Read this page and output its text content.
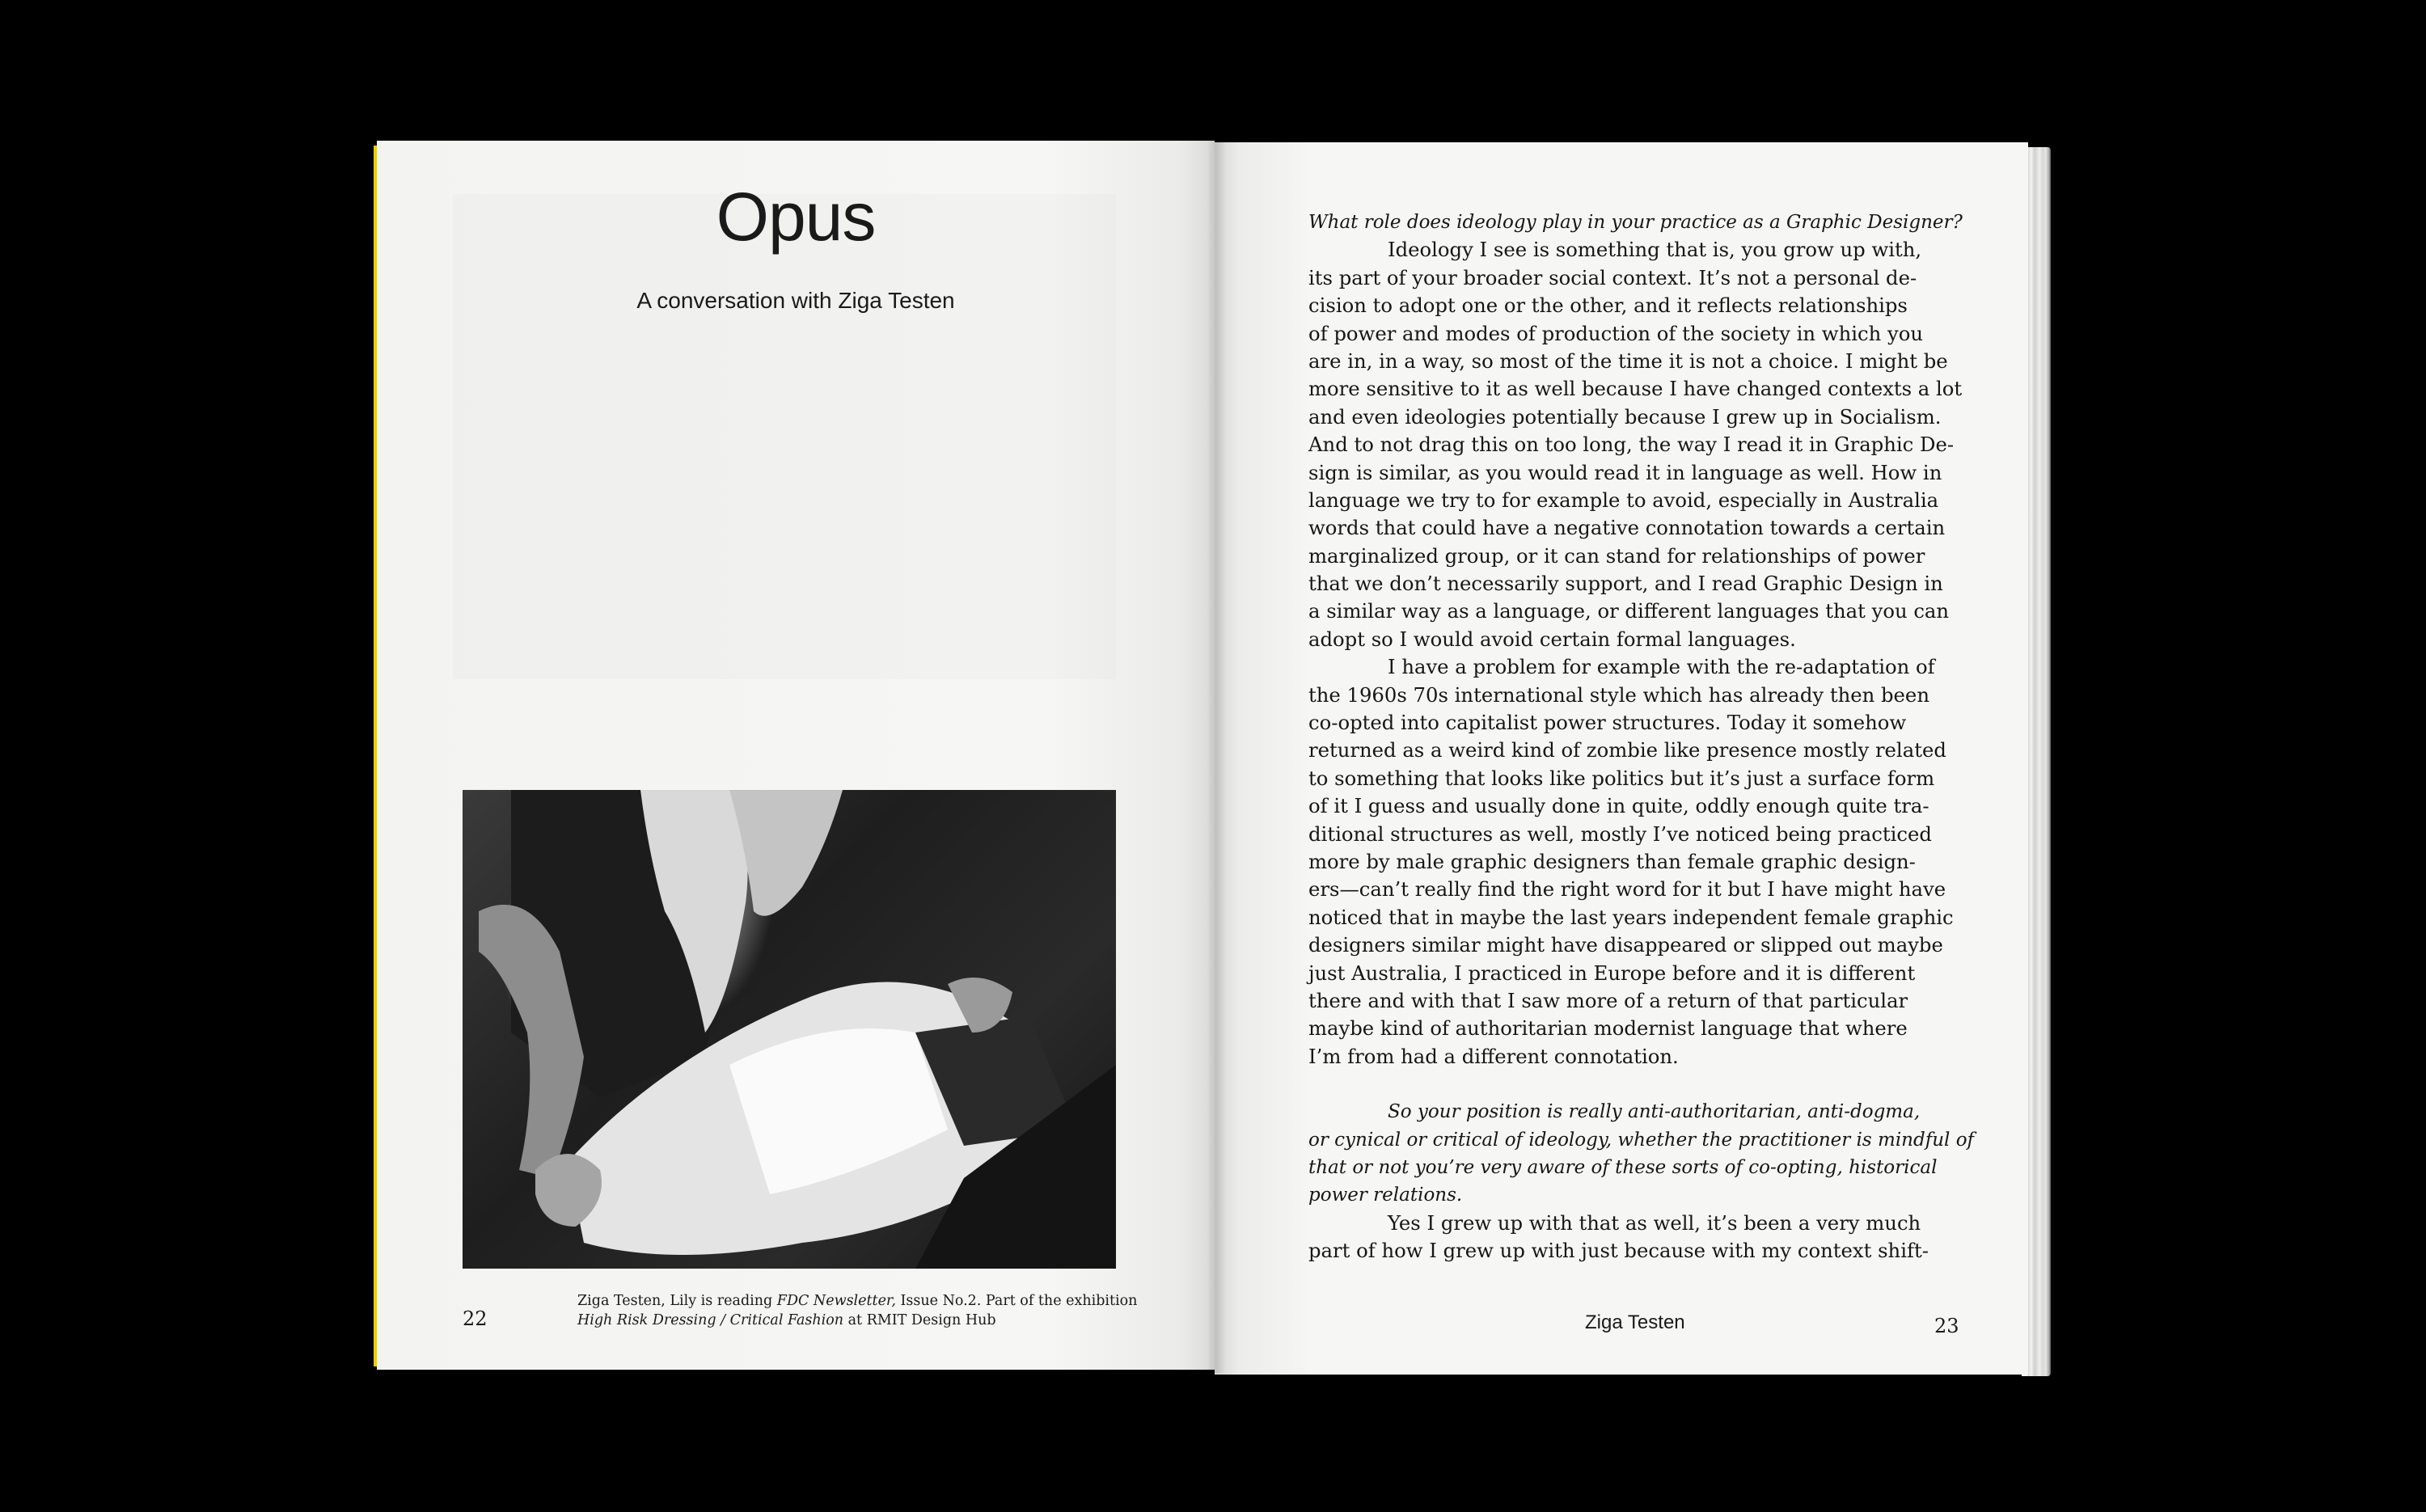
Opus
A conversation with Ziga Testen
Ziga Testen, Lily is reading FDC Newsletter, Issue No.2. Part of the exhibition
High Risk Dressing / Critical Fashion at RMIT Design Hub
22	Ziga Testen	23
What role does ideology play in your practice as a Graphic Designer?
Ideology I see is something that is, you grow up with,
its part of your broader social context. It’s not a personal de-
cision to adopt one or the other, and it reflects relationships
of power and modes of production of the society in which you
are in, in a way, so most of the time it is not a choice. I might be
more sensitive to it as well because I have changed contexts a lot
and even ideologies potentially because I grew up in Socialism.
And to not drag this on too long, the way I read it in Graphic De-
sign is similar, as you would read it in language as well. How in
language we try to for example to avoid, especially in Australia
words that could have a negative connotation towards a certain
marginalized group, or it can stand for relationships of power
that we don’t necessarily support, and I read Graphic Design in
a similar way as a language, or different languages that you can
adopt so I would avoid certain formal languages.
I have a problem for example with the re-adaptation of
the 1960s 70s international style which has already then been
co-opted into capitalist power structures. Today it somehow
returned as a weird kind of zombie like presence mostly related
to something that looks like politics but it’s just a surface form
of it I guess and usually done in quite, oddly enough quite tra-
ditional structures as well, mostly I’ve noticed being practiced
more by male graphic designers than female graphic design-
ers—can’t really find the right word for it but I have might have
noticed that in maybe the last years independent female graphic
designers similar might have disappeared or slipped out maybe
just Australia, I practiced in Europe before and it is different
there and with that I saw more of a return of that particular
maybe kind of authoritarian modernist language that where
I’m from had a different connotation.
So your position is really anti-authoritarian, anti-dogma,
or cynical or critical of ideology, whether the practitioner is mindful of
that or not you’re very aware of these sorts of co-opting, historical
power relations.
Yes I grew up with that as well, it’s been a very much
part of how I grew up with just because with my context shift-
